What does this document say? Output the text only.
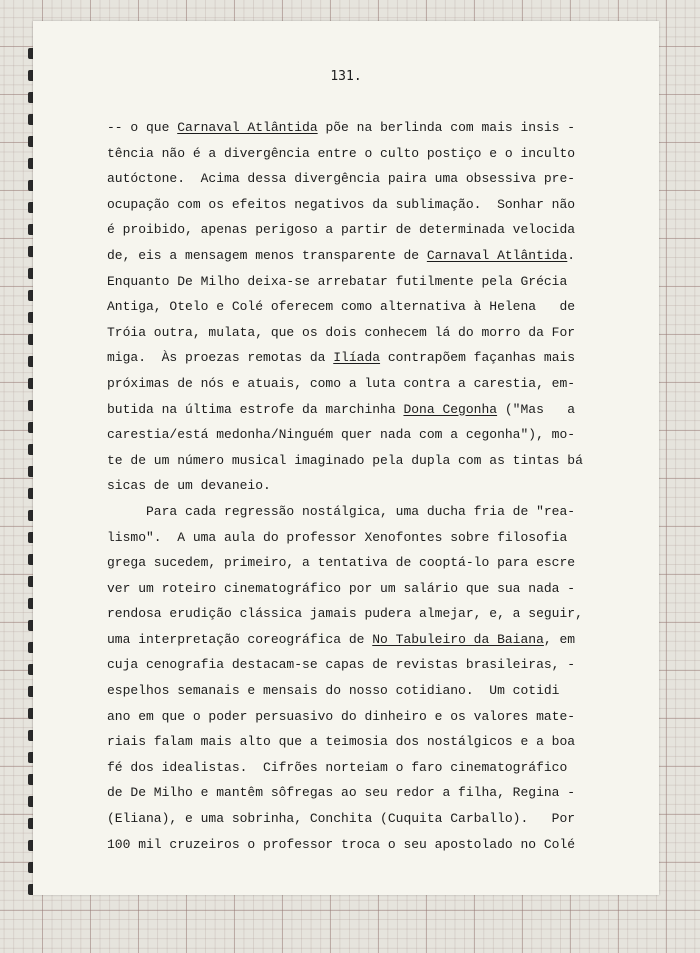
131.
-- o que Carnaval Atlântida põe na berlinda com mais insis -
tência não é a divergência entre o culto postiço e o inculto
autóctone.  Acima dessa divergência paira uma obsessiva pre-
ocupação com os efeitos negativos da sublimação.  Sonhar não
é proibido, apenas perigoso a partir de determinada velocida
de, eis a mensagem menos transparente de Carnaval Atlântida.
Enquanto De Milho deixa-se arrebatar futilmente pela Grécia
Antiga, Otelo e Colé oferecem como alternativa à Helena   de
Tróia outra, mulata, que os dois conhecem lá do morro da For
miga.  Às proezas remotas da Ilíada contrapõem façanhas mais
próximas de nós e atuais, como a luta contra a carestia, em-
butida na última estrofe da marchinha Dona Cegonha ("Mas   a
carestia/está medonha/Ninguém quer nada com a cegonha"), mo-
te de um número musical imaginado pela dupla com as tintas bá
sicas de um devaneio.
Para cada regressão nostálgica, uma ducha fria de "rea-
lismo".  A uma aula do professor Xenofontes sobre filosofia
grega sucedem, primeiro, a tentativa de cooptá-lo para escre
ver um roteiro cinematográfico por um salário que sua nada -
rendosa erudição clássica jamais pudera almejar, e, a seguir,
uma interpretação coreográfica de No Tabuleiro da Baiana, em
cuja cenografia destacam-se capas de revistas brasileiras, -
espelhos semanais e mensais do nosso cotidiano.  Um cotidi
ano em que o poder persuasivo do dinheiro e os valores mate-
riais falam mais alto que a teimosia dos nostálgicos e a boa
fé dos idealistas.  Cifrões norteiam o faro cinematográfico
de De Milho e mantêm sôfregas ao seu redor a filha, Regina -
(Eliana), e uma sobrinha, Conchita (Cuquita Carballo).   Por
100 mil cruzeiros o professor troca o seu apostolado no Colé
